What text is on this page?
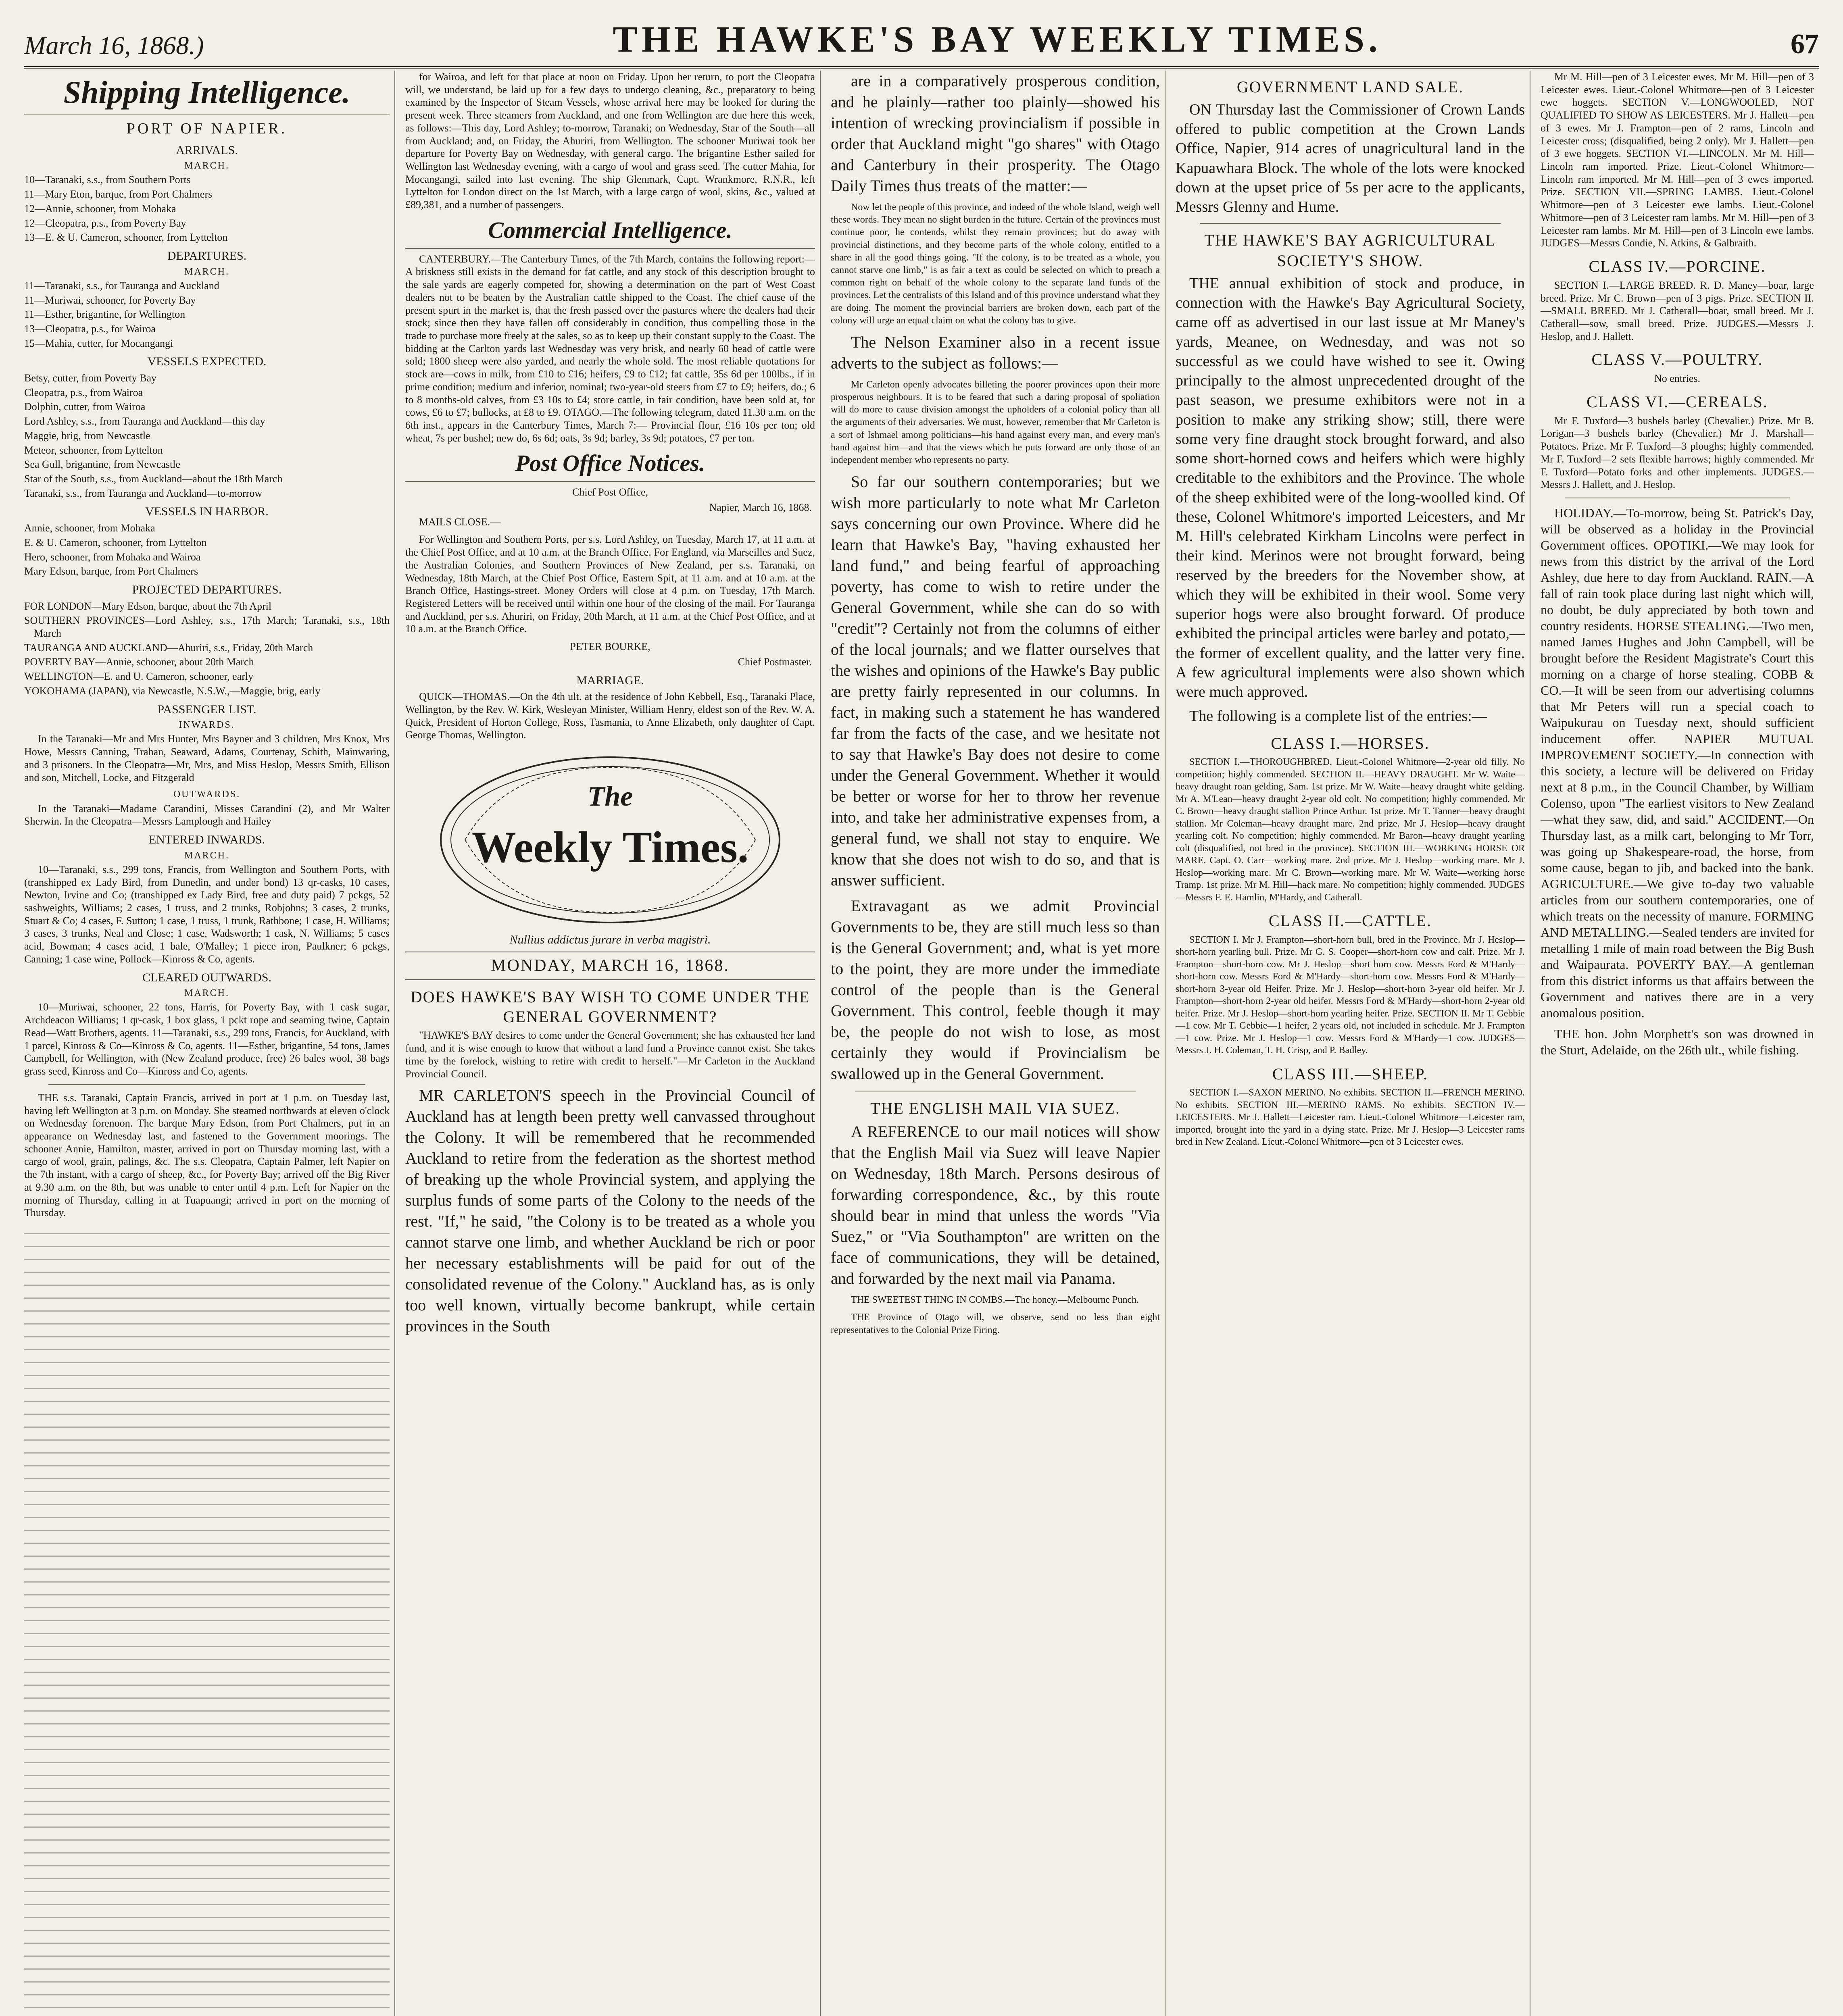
March 16, 1868.)	THE HAWKE'S BAY WEEKLY TIMES.	67
Shipping Intelligence.
PORT OF NAPIER.
ARRIVALS.
MARCH.
10—Taranaki, s.s., from Southern Ports
11—Mary Eton, barque, from Port Chalmers
12—Annie, schooner, from Mohaka
12—Cleopatra, p.s., from Poverty Bay
13—E. & U. Cameron, schooner, from Lyttelton
DEPARTURES.
MARCH.
11—Taranaki, s.s., for Tauranga and Auckland
11—Muriwai, schooner, for Poverty Bay
11—Esther, brigantine, for Wellington
13—Cleopatra, p.s., for Wairoa
15—Mahia, cutter, for Mocangangi
VESSELS EXPECTED.
Betsy, cutter, from Poverty Bay
Cleopatra, p.s., from Wairoa
Dolphin, cutter, from Wairoa
Lord Ashley, s.s., from Tauranga and Auckland—this day
Maggie, brig, from Newcastle
Meteor, schooner, from Lyttelton
Sea Gull, brigantine, from Newcastle
Star of the South, s.s., from Auckland—about the 18th March
Taranaki, s.s., from Tauranga and Auckland—to-morrow
VESSELS IN HARBOR.
Annie, schooner, from Mohaka
E. & U. Cameron, schooner, from Lyttelton
Hero, schooner, from Mohaka and Wairoa
Mary Edson, barque, from Port Chalmers
PROJECTED DEPARTURES.
FOR LONDON—Mary Edson, barque, about the 7th April
SOUTHERN PROVINCES—Lord Ashley, s.s., 17th March; Taranaki, s.s., 18th March
TAURANGA AND AUCKLAND—Ahuriri, s.s., Friday, 20th March
POVERTY BAY—Annie, schooner, about 20th March
WELLINGTON—E. and U. Cameron, schooner, early
YOKOHAMA (JAPAN), via Newcastle, N.S.W.,—Maggie, brig, early
PASSENGER LIST.
INWARDS.
In the Taranaki—Mr and Mrs Hunter, Mrs Bayner and 3 children, Mrs Knox, Mrs Howe, Messrs Canning, Trahan, Seaward, Adams, Courtenay, Schith, Mainwaring, and 3 prisoners. In the Cleopatra—Mr, Mrs, and Miss Heslop, Messrs Smith, Ellison and son, Mitchell, Locke, and Fitzgerald
OUTWARDS.
In the Taranaki—Madame Carandini, Misses Carandini (2), and Mr Walter Sherwin. In the Cleopatra—Messrs Lamplough and Hailey
ENTERED INWARDS.
MARCH.
10—Taranaki, s.s., 299 tons, Francis, from Wellington and Southern Ports, with (transhipped ex Lady Bird, from Dunedin, and under bond) 13 qr-casks, 10 cases, Newton, Irvine and Co; (transhipped ex Lady Bird, free and duty paid) 7 pckgs, 52 sashweights, Williams; 2 cases, 1 truss, and 2 trunks, Robjohns; 3 cases, 2 trunks, Stuart & Co; 4 cases, F. Sutton; 1 case, 1 truss, 1 trunk, Rathbone; 1 case, H. Williams; 3 cases, 3 trunks, Neal and Close; 1 case, Wadsworth; 1 cask, N. Williams; 5 cases acid, Bowman; 4 cases acid, 1 bale, O'Malley; 1 piece iron, Paulkner; 6 pckgs, Canning; 1 case wine, Pollock—Kinross & Co, agents.
CLEARED OUTWARDS.
MARCH.
10—Muriwai, schooner, 22 tons, Harris, for Poverty Bay, with 1 cask sugar, Archdeacon Williams; 1 qr-cask, 1 box glass, 1 pckt rope and seaming twine, Captain Read—Watt Brothers, agents. 11—Taranaki, s.s., 299 tons, Francis, for Auckland, with 1 parcel, Kinross & Co—Kinross & Co, agents. 11—Esther, brigantine, 54 tons, James Campbell, for Wellington, with (New Zealand produce, free) 26 bales wool, 38 bags grass seed, Kinross and Co—Kinross and Co, agents.
THE s.s. Taranaki, Captain Francis, arrived in port at 1 p.m. on Tuesday last, having left Wellington at 3 p.m. on Monday. She steamed northwards at eleven o'clock on Wednesday forenoon. The barque Mary Edson, from Port Chalmers, put in an appearance on Wednesday last, and fastened to the Government moorings. The schooner Annie, Hamilton, master, arrived in port on Thursday morning last, with a cargo of wool, grain, palings, &c. The s.s. Cleopatra, Captain Palmer, left Napier on the 7th instant, with a cargo of sheep, &c., for Poverty Bay; arrived off the Big River at 9.30 a.m. on the 8th, but was unable to enter until 4 p.m. Left for Napier on the morning of Thursday, calling in at Tuapuangi; arrived in port on the morning of Thursday.
for Wairoa, and left for that place at noon on Friday. Upon her return, to port the Cleopatra will, we understand, be laid up for a few days to undergo cleaning, &c., preparatory to being examined by the Inspector of Steam Vessels, whose arrival here may be looked for during the present week. Three steamers from Auckland, and one from Wellington are due here this week, as follows:—This day, Lord Ashley; to-morrow, Taranaki; on Wednesday, Star of the South—all from Auckland; and, on Friday, the Ahuriri, from Wellington. The schooner Muriwai took her departure for Poverty Bay on Wednesday, with general cargo. The brigantine Esther sailed for Wellington last Wednesday evening, with a cargo of wool and grass seed. The cutter Mahia, for Mocangangi, sailed into last evening. The ship Glenmark, Capt. Wrankmore, R.N.R., left Lyttelton for London direct on the 1st March, with a large cargo of wool, skins, &c., valued at £89,381, and a number of passengers.
Commercial Intelligence.
CANTERBURY.—The Canterbury Times, of the 7th March, contains the following report:— A briskness still exists in the demand for fat cattle, and any stock of this description brought to the sale yards are eagerly competed for, showing a determination on the part of West Coast dealers not to be beaten by the Australian cattle shipped to the Coast. The chief cause of the present spurt in the market is, that the fresh passed over the pastures where the dealers had their stock; since then they have fallen off considerably in condition, thus compelling those in the trade to purchase more freely at the sales, so as to keep up their constant supply to the Coast. The bidding at the Carlton yards last Wednesday was very brisk, and nearly 60 head of cattle were sold; 1800 sheep were also yarded, and nearly the whole sold. The most reliable quotations for stock are—cows in milk, from £10 to £16; heifers, £9 to £12; fat cattle, 35s 6d per 100lbs., if in prime condition; medium and inferior, nominal; two-year-old steers from £7 to £9; heifers, do.; 6 to 8 months-old calves, from £3 10s to £4; store cattle, in fair condition, have been sold at, for cows, £6 to £7; bullocks, at £8 to £9. OTAGO.—The following telegram, dated 11.30 a.m. on the 6th inst., appears in the Canterbury Times, March 7:— Provincial flour, £16 10s per ton; old wheat, 7s per bushel; new do, 6s 6d; oats, 3s 9d; barley, 3s 9d; potatoes, £7 per ton.
Post Office Notices.
Chief Post Office,
Napier, March 16, 1868.
MAILS CLOSE.—
For Wellington and Southern Ports, per s.s. Lord Ashley, on Tuesday, March 17, at 11 a.m. at the Chief Post Office, and at 10 a.m. at the Branch Office. For England, via Marseilles and Suez, the Australian Colonies, and Southern Provinces of New Zealand, per s.s. Taranaki, on Wednesday, 18th March, at the Chief Post Office, Eastern Spit, at 11 a.m. and at 10 a.m. at the Branch Office, Hastings-street. Money Orders will close at 4 p.m. on Tuesday, 17th March. Registered Letters will be received until within one hour of the closing of the mail. For Tauranga and Auckland, per s.s. Ahuriri, on Friday, 20th March, at 11 a.m. at the Chief Post Office, and at 10 a.m. at the Branch Office.
PETER BOURKE,
Chief Postmaster.
MARRIAGE.
QUICK—THOMAS.—On the 4th ult. at the residence of John Kebbell, Esq., Taranaki Place, Wellington, by the Rev. W. Kirk, Wesleyan Minister, William Henry, eldest son of the Rev. W. A. Quick, President of Horton College, Ross, Tasmania, to Anne Elizabeth, only daughter of Capt. George Thomas, Wellington.
The
Weekly Times.
Nullius addictus jurare in verba magistri.
MONDAY, MARCH 16, 1868.
DOES HAWKE'S BAY WISH TO COME UNDER THE GENERAL GOVERNMENT?
"HAWKE'S BAY desires to come under the General Government; she has exhausted her land fund, and it is wise enough to know that without a land fund a Province cannot exist. She takes time by the forelock, wishing to retire with credit to herself."—Mr Carleton in the Auckland Provincial Council.
MR CARLETON'S speech in the Provincial Council of Auckland has at length been pretty well canvassed throughout the Colony. It will be remembered that he recommended Auckland to retire from the federation as the shortest method of breaking up the whole Provincial system, and applying the surplus funds of some parts of the Colony to the needs of the rest. "If," he said, "the Colony is to be treated as a whole you cannot starve one limb, and whether Auckland be rich or poor her necessary establishments will be paid for out of the consolidated revenue of the Colony." Auckland has, as is only too well known, virtually become bankrupt, while certain provinces in the South
are in a comparatively prosperous condition, and he plainly—rather too plainly—showed his intention of wrecking provincialism if possible in order that Auckland might "go shares" with Otago and Canterbury in their prosperity. The Otago Daily Times thus treats of the matter:—
Now let the people of this province, and indeed of the whole Island, weigh well these words. They mean no slight burden in the future. Certain of the provinces must continue poor, he contends, whilst they remain provinces; but do away with provincial distinctions, and they become parts of the whole colony, entitled to a share in all the good things going. "If the colony, is to be treated as a whole, you cannot starve one limb," is as fair a text as could be selected on which to preach a common right on behalf of the whole colony to the separate land funds of the provinces. Let the centralists of this Island and of this province understand what they are doing. The moment the provincial barriers are broken down, each part of the colony will urge an equal claim on what the colony has to give.
The Nelson Examiner also in a recent issue adverts to the subject as follows:—
Mr Carleton openly advocates billeting the poorer provinces upon their more prosperous neighbours. It is to be feared that such a daring proposal of spoliation will do more to cause division amongst the upholders of a colonial policy than all the arguments of their adversaries. We must, however, remember that Mr Carleton is a sort of Ishmael among politicians—his hand against every man, and every man's hand against him—and that the views which he puts forward are only those of an independent member who represents no party.
So far our southern contemporaries; but we wish more particularly to note what Mr Carleton says concerning our own Province. Where did he learn that Hawke's Bay, "having exhausted her land fund," and being fearful of approaching poverty, has come to wish to retire under the General Government, while she can do so with "credit"? Certainly not from the columns of either of the local journals; and we flatter ourselves that the wishes and opinions of the Hawke's Bay public are pretty fairly represented in our columns. In fact, in making such a statement he has wandered far from the facts of the case, and we hesitate not to say that Hawke's Bay does not desire to come under the General Government. Whether it would be better or worse for her to throw her revenue into, and take her administrative expenses from, a general fund, we shall not stay to enquire. We know that she does not wish to do so, and that is answer sufficient.
Extravagant as we admit Provincial Governments to be, they are still much less so than is the General Government; and, what is yet more to the point, they are more under the immediate control of the people than is the General Government. This control, feeble though it may be, the people do not wish to lose, as most certainly they would if Provincialism be swallowed up in the General Government.
THE ENGLISH MAIL VIA SUEZ.
A REFERENCE to our mail notices will show that the English Mail via Suez will leave Napier on Wednesday, 18th March. Persons desirous of forwarding correspondence, &c., by this route should bear in mind that unless the words "Via Suez," or "Via Southampton" are written on the face of communications, they will be detained, and forwarded by the next mail via Panama.
THE SWEETEST THING IN COMBS.—The honey.—Melbourne Punch.
THE Province of Otago will, we observe, send no less than eight representatives to the Colonial Prize Firing.
GOVERNMENT LAND SALE.
ON Thursday last the Commissioner of Crown Lands offered to public competition at the Crown Lands Office, Napier, 914 acres of unagricultural land in the Kapuawhara Block. The whole of the lots were knocked down at the upset price of 5s per acre to the applicants, Messrs Glenny and Hume.
THE HAWKE'S BAY AGRICULTURAL SOCIETY'S SHOW.
THE annual exhibition of stock and produce, in connection with the Hawke's Bay Agricultural Society, came off as advertised in our last issue at Mr Maney's yards, Meanee, on Wednesday, and was not so successful as we could have wished to see it. Owing principally to the almost unprecedented drought of the past season, we presume exhibitors were not in a position to make any striking show; still, there were some very fine draught stock brought forward, and also some short-horned cows and heifers which were highly creditable to the exhibitors and the Province. The whole of the sheep exhibited were of the long-woolled kind. Of these, Colonel Whitmore's imported Leicesters, and Mr M. Hill's celebrated Kirkham Lincolns were perfect in their kind. Merinos were not brought forward, being reserved by the breeders for the November show, at which they will be exhibited in their wool. Some very superior hogs were also brought forward. Of produce exhibited the principal articles were barley and potato,—the former of excellent quality, and the latter very fine. A few agricultural implements were also shown which were much approved.
The following is a complete list of the entries:—
CLASS I.—HORSES.
SECTION I.—THOROUGHBRED. Lieut.-Colonel Whitmore—2-year old filly. No competition; highly commended. SECTION II.—HEAVY DRAUGHT. Mr W. Waite—heavy draught roan gelding, Sam. 1st prize. Mr W. Waite—heavy draught white gelding. Mr A. M'Lean—heavy draught 2-year old colt. No competition; highly commended. Mr C. Brown—heavy draught stallion Prince Arthur. 1st prize. Mr T. Tanner—heavy draught stallion. Mr Coleman—heavy draught mare. 2nd prize. Mr J. Heslop—heavy draught yearling colt. No competition; highly commended. Mr Baron—heavy draught yearling colt (disqualified, not bred in the province). SECTION III.—WORKING HORSE OR MARE. Capt. O. Carr—working mare. 2nd prize. Mr J. Heslop—working mare. Mr J. Heslop—working mare. Mr C. Brown—working mare. Mr W. Waite—working horse Tramp. 1st prize. Mr M. Hill—hack mare. No competition; highly commended. JUDGES—Messrs F. E. Hamlin, M'Hardy, and Catherall.
CLASS II.—CATTLE.
SECTION I. Mr J. Frampton—short-horn bull, bred in the Province. Mr J. Heslop—short-horn yearling bull. Prize. Mr G. S. Cooper—short-horn cow and calf. Prize. Mr J. Frampton—short-horn cow. Mr J. Heslop—short horn cow. Messrs Ford & M'Hardy—short-horn cow. Messrs Ford & M'Hardy—short-horn cow. Messrs Ford & M'Hardy—short-horn 3-year old Heifer. Prize. Mr J. Heslop—short-horn 3-year old heifer. Mr J. Frampton—short-horn 2-year old heifer. Messrs Ford & M'Hardy—short-horn 2-year old heifer. Prize. Mr J. Heslop—short-horn yearling heifer. Prize. SECTION II. Mr T. Gebbie—1 cow. Mr T. Gebbie—1 heifer, 2 years old, not included in schedule. Mr J. Frampton—1 cow. Prize. Mr J. Heslop—1 cow. Messrs Ford & M'Hardy—1 cow. JUDGES—Messrs J. H. Coleman, T. H. Crisp, and P. Badley.
CLASS III.—SHEEP.
SECTION I.—SAXON MERINO. No exhibits. SECTION II.—FRENCH MERINO. No exhibits. SECTION III.—MERINO RAMS. No exhibits. SECTION IV.—LEICESTERS. Mr J. Hallett—Leicester ram. Lieut.-Colonel Whitmore—Leicester ram, imported, brought into the yard in a dying state. Prize. Mr J. Heslop—3 Leicester rams bred in New Zealand. Lieut.-Colonel Whitmore—pen of 3 Leicester ewes.
Mr M. Hill—pen of 3 Leicester ewes. Mr M. Hill—pen of 3 Leicester ewes. Lieut.-Colonel Whitmore—pen of 3 Leicester ewe hoggets. SECTION V.—LONGWOOLED, NOT QUALIFIED TO SHOW AS LEICESTERS. Mr J. Hallett—pen of 3 ewes. Mr J. Frampton—pen of 2 rams, Lincoln and Leicester cross; (disqualified, being 2 only). Mr J. Hallett—pen of 3 ewe hoggets. SECTION VI.—LINCOLN. Mr M. Hill—Lincoln ram imported. Prize. Lieut.-Colonel Whitmore—Lincoln ram imported. Mr M. Hill—pen of 3 ewes imported. Prize. SECTION VII.—SPRING LAMBS. Lieut.-Colonel Whitmore—pen of 3 Leicester ewe lambs. Lieut.-Colonel Whitmore—pen of 3 Leicester ram lambs. Mr M. Hill—pen of 3 Leicester ram lambs. Mr M. Hill—pen of 3 Lincoln ewe lambs. JUDGES—Messrs Condie, N. Atkins, & Galbraith.
CLASS IV.—PORCINE.
SECTION I.—LARGE BREED. R. D. Maney—boar, large breed. Prize. Mr C. Brown—pen of 3 pigs. Prize. SECTION II.—SMALL BREED. Mr J. Catherall—boar, small breed. Mr J. Catherall—sow, small breed. Prize. JUDGES.—Messrs J. Heslop, and J. Hallett.
CLASS V.—POULTRY.
No entries.
CLASS VI.—CEREALS.
Mr F. Tuxford—3 bushels barley (Chevalier.) Prize. Mr B. Lorigan—3 bushels barley (Chevalier.) Mr J. Marshall—Potatoes. Prize. Mr F. Tuxford—3 ploughs; highly commended. Mr F. Tuxford—2 sets flexible harrows; highly commended. Mr F. Tuxford—Potato forks and other implements. JUDGES.—Messrs J. Hallett, and J. Heslop.
HOLIDAY.—To-morrow, being St. Patrick's Day, will be observed as a holiday in the Provincial Government offices. OPOTIKI.—We may look for news from this district by the arrival of the Lord Ashley, due here to day from Auckland. RAIN.—A fall of rain took place during last night which will, no doubt, be duly appreciated by both town and country residents. HORSE STEALING.—Two men, named James Hughes and John Campbell, will be brought before the Resident Magistrate's Court this morning on a charge of horse stealing. COBB & CO.—It will be seen from our advertising columns that Mr Peters will run a special coach to Waipukurau on Tuesday next, should sufficient inducement offer. NAPIER MUTUAL IMPROVEMENT SOCIETY.—In connection with this society, a lecture will be delivered on Friday next at 8 p.m., in the Council Chamber, by William Colenso, upon "The earliest visitors to New Zealand—what they saw, did, and said." ACCIDENT.—On Thursday last, as a milk cart, belonging to Mr Torr, was going up Shakespeare-road, the horse, from some cause, began to jib, and backed into the bank. AGRICULTURE.—We give to-day two valuable articles from our southern contemporaries, one of which treats on the necessity of manure. FORMING AND METALLING.—Sealed tenders are invited for metalling 1 mile of main road between the Big Bush and Waipaurata. POVERTY BAY.—A gentleman from this district informs us that affairs between the Government and natives there are in a very anomalous position.
THE hon. John Morphett's son was drowned in the Sturt, Adelaide, on the 26th ult., while fishing.
